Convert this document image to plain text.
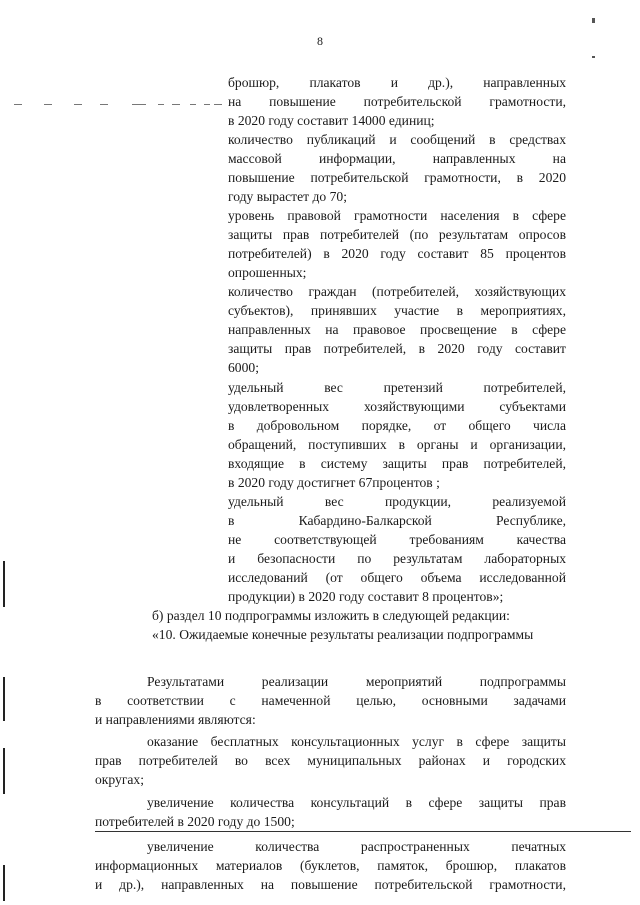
8
брошюр, плакатов и др.), направленных
на повышение потребительской грамотности,
в 2020 году составит 14000 единиц;
количество публикаций и сообщений в средствах
массовой информации, направленных на
повышение потребительской грамотности, в 2020
году вырастет до 70;
уровень правовой грамотности населения в сфере
защиты прав потребителей (по результатам опросов
потребителей) в 2020 году составит 85 процентов
опрошенных;
количество граждан (потребителей, хозяйствующих
субъектов), принявших участие в мероприятиях,
направленных на правовое просвещение в сфере
защиты прав потребителей, в 2020 году составит
6000;
удельный вес претензий потребителей,
удовлетворенных хозяйствующими субъектами
в добровольном порядке, от общего числа
обращений, поступивших в органы и организации,
входящие в систему защиты прав потребителей,
в 2020 году достигнет 67процентов ;
удельный вес продукции, реализуемой
в Кабардино-Балкарской Республике,
не соответствующей требованиям качества
и безопасности по результатам лабораторных
исследований (от общего объема исследованной
продукции) в 2020 году составит 8 процентов»;
б) раздел 10 подпрограммы изложить в следующей редакции:
«10. Ожидаемые конечные результаты реализации подпрограммы
Результатами реализации мероприятий подпрограммы
в соответствии с намеченной целью, основными задачами
и направлениями являются:
оказание бесплатных консультационных услуг в сфере защиты
прав потребителей во всех муниципальных районах и городских
округах;
увеличение количества консультаций в сфере защиты прав
потребителей в 2020 году до 1500;
увеличение количества распространенных печатных
информационных материалов (буклетов, памяток, брошюр, плакатов
и др.), направленных на повышение потребительской грамотности,
